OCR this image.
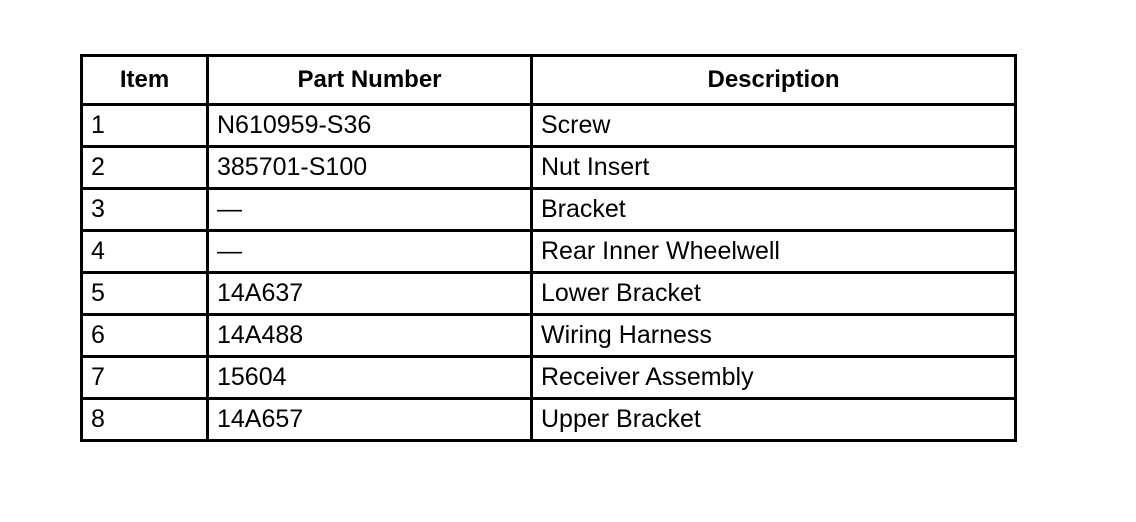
Item	Part Number	Description
1	N610959-S36	Screw
2	385701-S100	Nut Insert
3	—	Bracket
4	—	Rear Inner Wheelwell
5	14A637	Lower Bracket
6	14A488	Wiring Harness
7	15604	Receiver Assembly
8	14A657	Upper Bracket
